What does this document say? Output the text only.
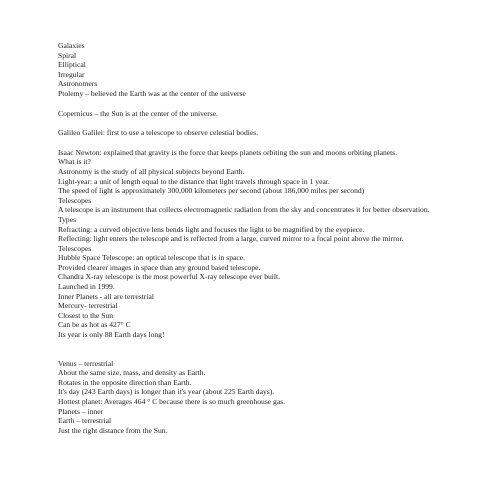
Galaxies
Spiral
Elliptical
Irregular
Astronomers
Ptolemy – believed the Earth was at the center of the universe
Copernicus – the Sun is at the center of the universe.
Galileo Galilei: first to use a telescope to observe celestial bodies.
Isaac Newton: explained that gravity is the force that keeps planets orbiting the sun and moons orbiting planets.
What is it?
Astronomy is the study of all physical subjects beyond Earth.
Light-year: a unit of length equal to the distance that light travels through space in 1 year.
The speed of light is approximately 300,000 kilometers per second (about 186,000 miles per second)
Telescopes
A telescope is an instrument that collects electromagnetic radiation from the sky and concentrates it for better observation.
Types
Refracting: a curved objective lens bends light and focuses the light to be magnified by the eyepiece.
Reflecting: light enters the telescope and is reflected from a large, curved mirror to a focal point above the mirror.
Telescopes
Hubble Space Telescope: an optical telescope that is in space.
Provided clearer images in space than any ground based telescope.
Chandra X-ray telescope is the most powerful X-ray telescope ever built.
Launched in 1999.
Inner Planets - all are terrestrial
Mercury- terrestrial
Closest to the Sun
Can be as hot as 427° C
Its year is only 88 Earth days long!
Venus – terrestrial
About the same size, mass, and density as Earth.
Rotates in the opposite direction than Earth.
It's day (243 Earth days) is longer than it's year (about 225 Earth days).
Hottest planet: Averages 464 ° C because there is so much greenhouse gas.
Planets – inner
Earth – terrestrial
Just the right distance from the Sun.
